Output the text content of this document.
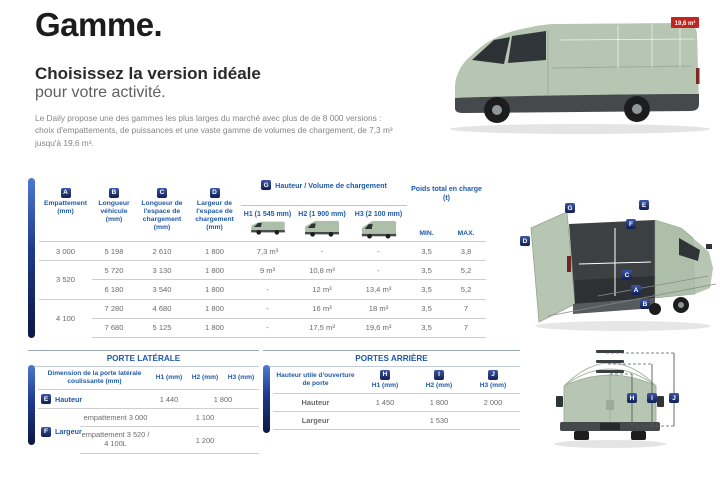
Gamme.
Choisissez la version idéale
pour votre activité.
Le Daily propose une des gammes les plus larges du marché avec plus de de 8 000 versions : choix d'empattements, de puissances et une vaste gamme de volumes de chargement, de 7,3 m³ jusqu'à 19,6 m³.
19,6 m³
A
Empattement (mm)	B
Longueur véhicule (mm)	C
Longueur de l'espace de chargement (mm)	D
Largeur de l'espace de chargement (mm)	G Hauteur / Volume de chargement			Poids total en charge (t)	

				H1 (1 545 mm)	H2 (1 900 mm)	H3 (2 100 mm)	MIN.	MAX.
3 000	5 198	2 610	1 800	7,3 m³	-	-	3,5	3,8
3 520	5 720	3 130	1 800	9 m³	10,8 m³	-	3,5	5,2
	6 180	3 540	1 800	-	12 m³	13,4 m³	3,5	5,2
4 100	7 280	4 680	1 800	-	16 m³	18 m³	3,5	7
	7 680	5 125	1 800	-	17,5 m³	19,6 m³	3,5	7
G	E
F
D
C
A
B
PORTE LATÉRALE
Dimension de la porte latérale coulissante (mm)		H1 (mm)	H2 (mm)	H3 (mm)

E Hauteur		1 440	1 800	

F Largeur	empattement 3 000	1 100		
	empattement 3 520 / 4 100L	1 200		
PORTES ARRIÈRE
Hauteur utile d'ouverture de porte	H
H1 (mm)	I
H2 (mm)	J
H3 (mm)

Hauteur	1 450	1 800	2 000
Largeur		1 530	
H	I	J
